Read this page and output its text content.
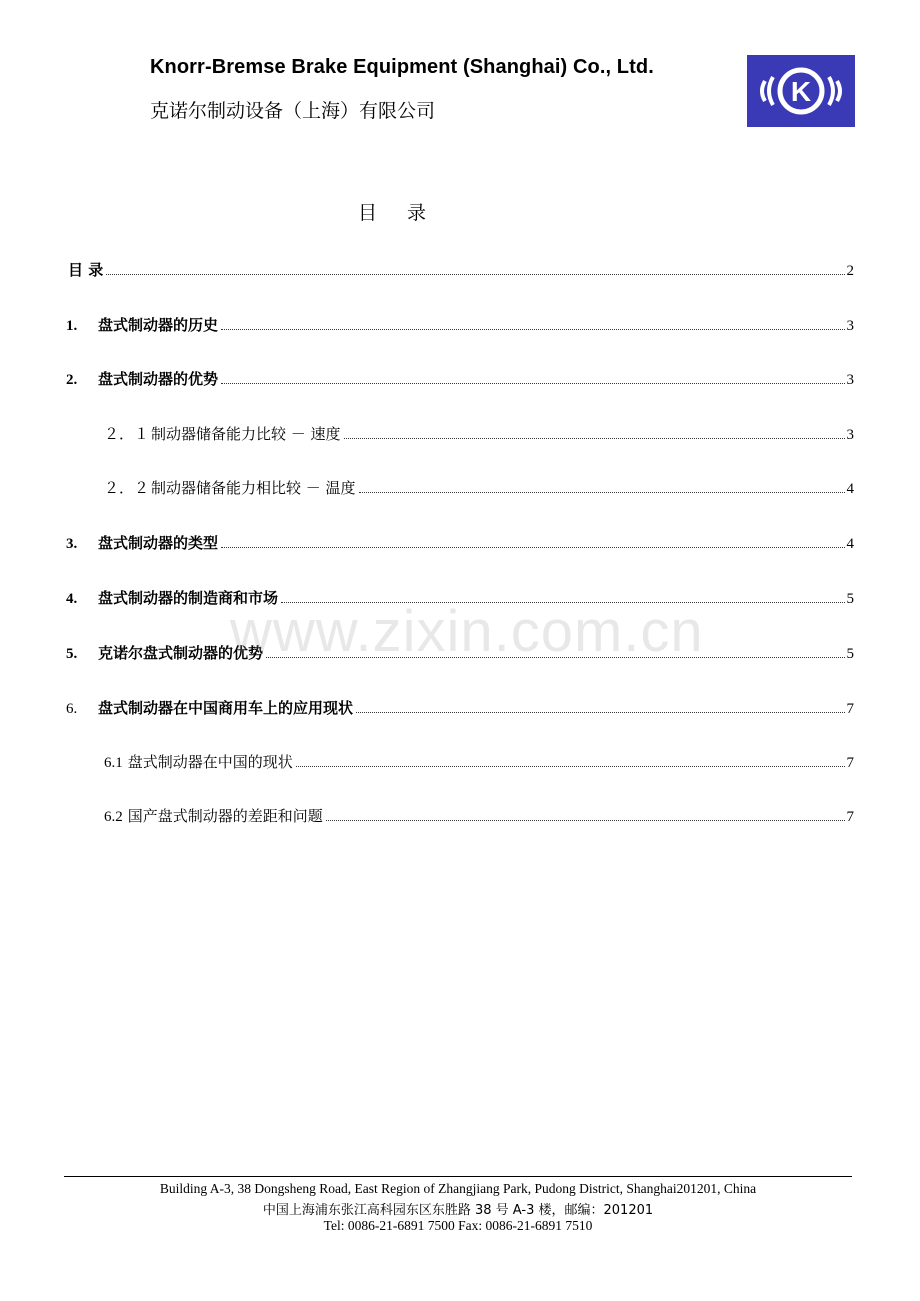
Knorr-Bremse Brake Equipment (Shanghai) Co., Ltd.
克诺尔制动设备（上海）有限公司
K
目 录
目 录	2
1.	盘式制动器的历史	3
2.	盘式制动器的优势	3
２．１ 制动器储备能力比较 － 速度	3
２．２ 制动器储备能力相比较 － 温度	4
3.	盘式制动器的类型	4
4.	盘式制动器的制造商和市场	5
5.	克诺尔盘式制动器的优势	5
6.	盘式制动器在中国商用车上的应用现状	7
6.1 盘式制动器在中国的现状	7
6.2 国产盘式制动器的差距和问题	7
www.zixin.com.cn
Building A-3, 38 Dongsheng Road, East Region of Zhangjiang Park, Pudong District, Shanghai201201, China
中国上海浦东张江高科园东区东胜路 38 号 A-3 楼，邮编：201201
Tel: 0086-21-6891 7500 Fax: 0086-21-6891 7510
